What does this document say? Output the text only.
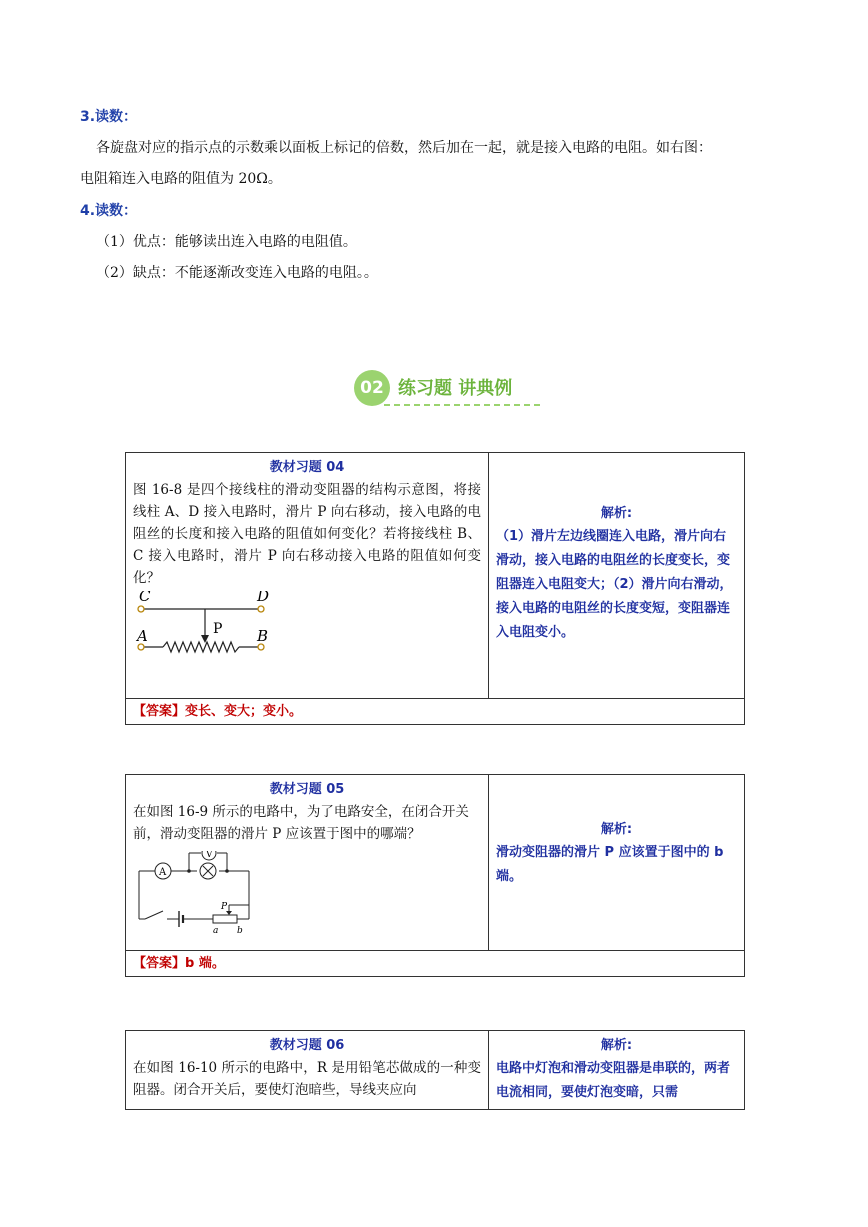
3.读数：
各旋盘对应的指示点的示数乘以面板上标记的倍数，然后加在一起，就是接入电路的电阻。如右图：
电阻箱连入电路的阻值为 20Ω。
4.读数：
（1）优点：能够读出连入电路的电阻值。
（2）缺点：不能逐渐改变连入电路的电阻。。
02 练习题 讲典例
教材习题 04
图 16-8 是四个接线柱的滑动变阻器的结构示意图，将接线柱 A、D 接入电路时，滑片 P 向右移动，接入电路的电阻丝的长度和接入电路的阻值如何变化？若将接线柱 B、C 接入电路时，滑片 P 向右移动接入电路的阻值如何变化？
C	D
A	B
P

解析:
（1）滑片左边线圈连入电路，滑片向右滑动，接入电路的电阻丝的长度变长，变阻器连入电阻变大；（2）滑片向右滑动，接入电路的电阻丝的长度变短，变阻器连入电阻变小。

【答案】变长、变大；变小。
教材习题 05
在如图 16-9 所示的电路中，为了电路安全，在闭合开关前，滑动变阻器的滑片 P 应该置于图中的哪端？
A
V
P
a b

解析:
滑动变阻器的滑片 P 应该置于图中的 b 端。

【答案】b 端。
教材习题 06
在如图 16-10 所示的电路中，R 是用铅笔芯做成的一种变阻器。闭合开关后，要使灯泡暗些，导线夹应向

解析:
电路中灯泡和滑动变阻器是串联的，两者电流相同，要使灯泡变暗，只需
